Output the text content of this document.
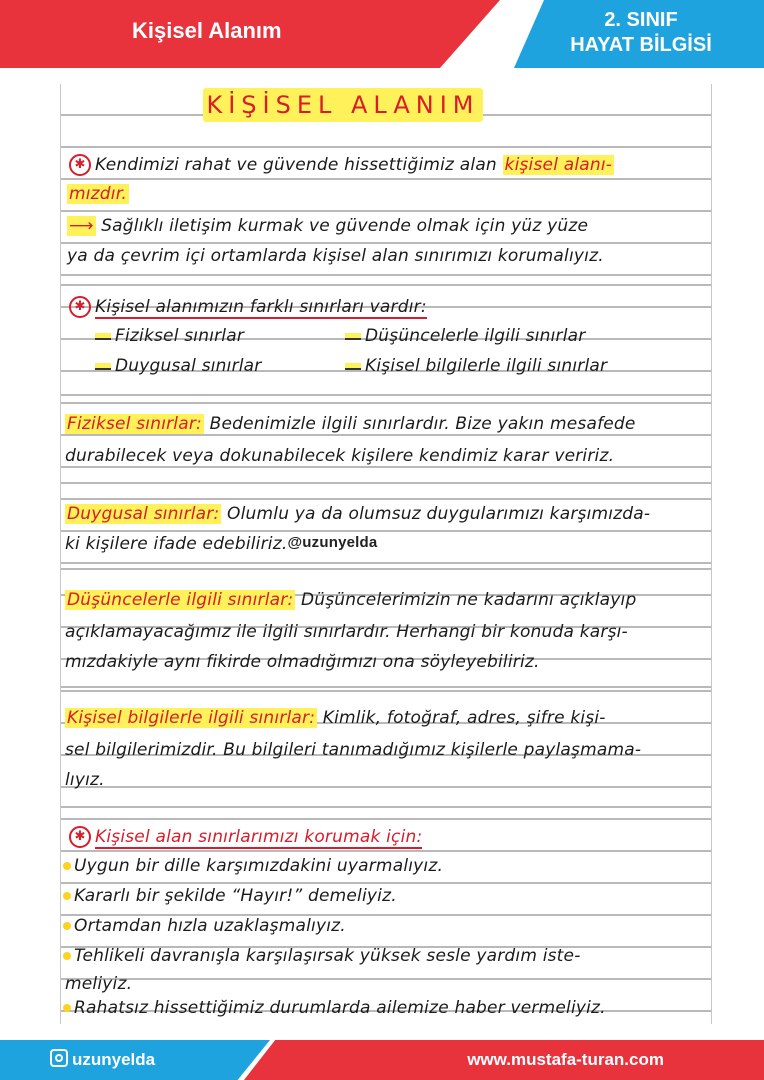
Kişisel Alanım	2. SINIF
HAYAT BİLGİSİ
KİŞİSEL ALANIM
✱ Kendimizi rahat ve güvende hissettiğimiz alan kişisel alanı-
mızdır.
⟶ Sağlıklı iletişim kurmak ve güvende olmak için yüz yüze
ya da çevrim içi ortamlarda kişisel alan sınırımızı korumalıyız.
✱ Kişisel alanımızın farklı sınırları vardır:
Fiziksel sınırlar	Düşüncelerle ilgili sınırlar
Duygusal sınırlar	Kişisel bilgilerle ilgili sınırlar
Fiziksel sınırlar: Bedenimizle ilgili sınırlardır. Bize yakın mesafede
durabilecek veya dokunabilecek kişilere kendimiz karar veririz.
Duygusal sınırlar: Olumlu ya da olumsuz duygularımızı karşımızda-
ki kişilere ifade edebiliriz. @uzunyelda
Düşüncelerle ilgili sınırlar: Düşüncelerimizin ne kadarını açıklayıp
açıklamayacağımız ile ilgili sınırlardır. Herhangi bir konuda karşı-
mızdakiyle aynı fikirde olmadığımızı ona söyleyebiliriz.
Kişisel bilgilerle ilgili sınırlar: Kimlik, fotoğraf, adres, şifre kişi-
sel bilgilerimizdir. Bu bilgileri tanımadığımız kişilerle paylaşmama-
lıyız.
✱ Kişisel alan sınırlarımızı korumak için:
Uygun bir dille karşımızdakini uyarmalıyız.
Kararlı bir şekilde “Hayır!” demeliyiz.
Ortamdan hızla uzaklaşmalıyız.
Tehlikeli davranışla karşılaşırsak yüksek sesle yardım iste-
meliyiz.
Rahatsız hissettiğimiz durumlarda ailemize haber vermeliyiz.
uzunyelda	www.mustafa-turan.com
